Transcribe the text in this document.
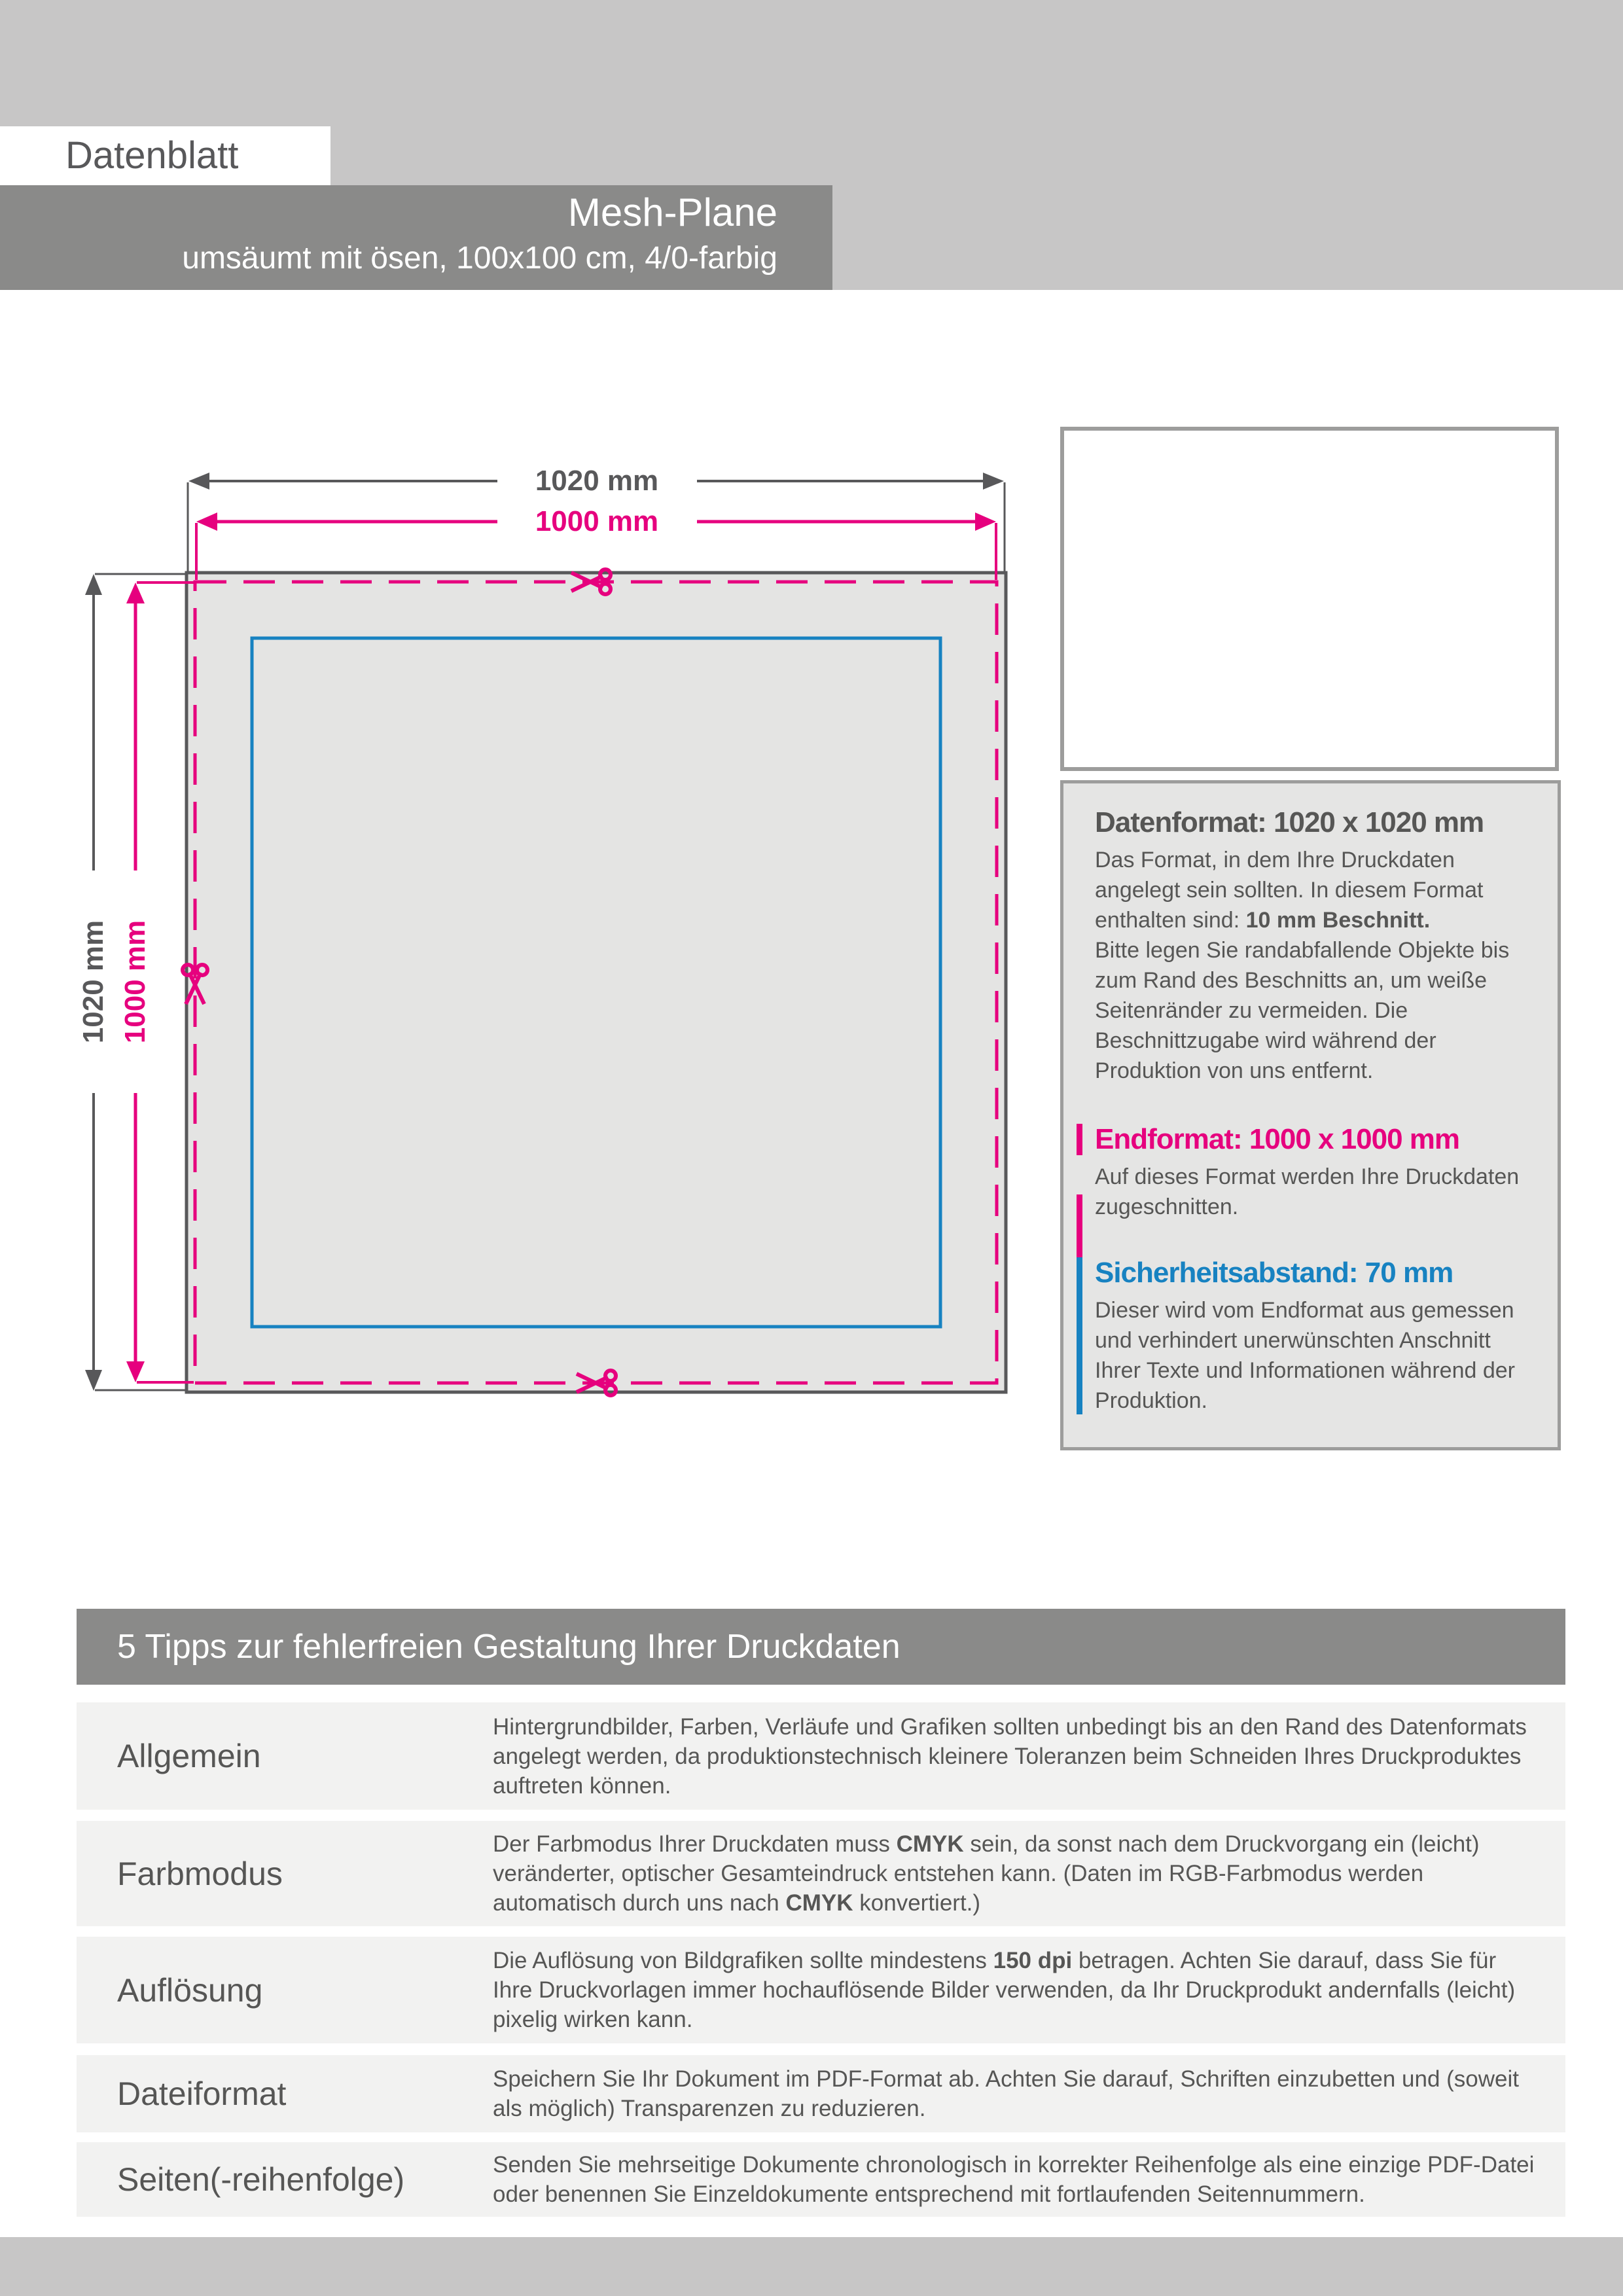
Datenblatt
Mesh-Plane
umsäumt mit ösen, 100x100 cm, 4/0-farbig
1020 mm
1000 mm
1020 mm 1000 mm
Datenformat: 1020 x 1020 mm

Das Format, in dem Ihre Druckdaten angelegt sein sollten. In diesem Format enthalten sind: 10 mm Beschnitt.

Bitte legen Sie randabfallende Objekte bis zum Rand des Beschnitts an, um weiße Seitenränder zu vermeiden. Die Beschnittzugabe wird während der Produktion von uns entfernt.

Endformat: 1000 x 1000 mm

Auf dieses Format werden Ihre Druckdaten zugeschnitten.

Sicherheitsabstand: 70 mm

Dieser wird vom Endformat aus gemessen und verhindert unerwünschten Anschnitt Ihrer Texte und Informationen während der Produktion.

5 Tipps zur fehlerfreien Gestaltung Ihrer Druckdaten
Allgemein
Hintergrundbilder, Farben, Verläufe und Grafiken sollten unbedingt bis an den Rand des Datenformats angelegt werden, da produktionstechnisch kleinere Toleranzen beim Schneiden Ihres Druckproduktes auftreten können.
Farbmodus
Der Farbmodus Ihrer Druckdaten muss CMYK sein, da sonst nach dem Druckvorgang ein (leicht) veränderter, optischer Gesamteindruck entstehen kann. (Daten im RGB-Farbmodus werden automatisch durch uns nach CMYK konvertiert.)
Auflösung
Die Auflösung von Bildgrafiken sollte mindestens 150 dpi betragen. Achten Sie darauf, dass Sie für Ihre Druckvorlagen immer hochauflösende Bilder verwenden, da Ihr Druckprodukt andernfalls (leicht) pixelig wirken kann.
Dateiformat	Speichern Sie Ihr Dokument im PDF-Format ab. Achten Sie darauf, Schriften einzubetten und (soweit als möglich) Transparenzen zu reduzieren.
Seiten(-reihenfolge)	Senden Sie mehrseitige Dokumente chronologisch in korrekter Reihenfolge als eine einzige PDF-Datei oder benennen Sie Einzeldokumente entsprechend mit fortlaufenden Seitennummern.
